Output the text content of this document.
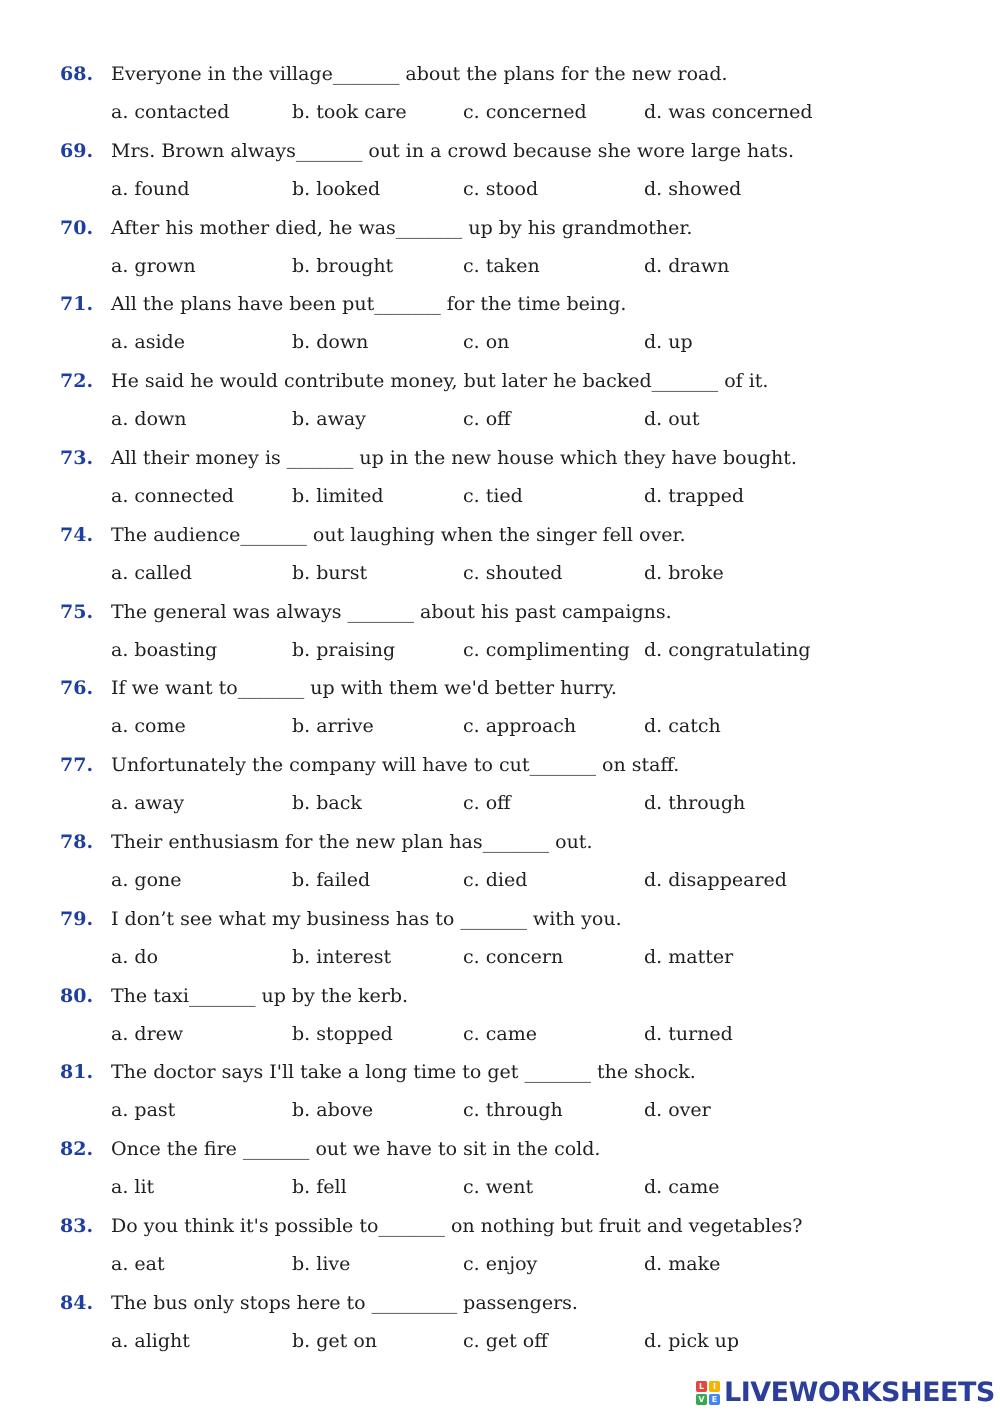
68. Everyone in the village_______ about the plans for the new road.
a. contacted	b. took care	c. concerned	d. was concerned
69. Mrs. Brown always_______ out in a crowd because she wore large hats.
a. found	b. looked	c. stood	d. showed
70. After his mother died, he was_______ up by his grandmother.
a. grown	b. brought	c. taken	d. drawn
71. All the plans have been put_______ for the time being.
a. aside	b. down	c. on	d. up
72. He said he would contribute money, but later he backed_______ of it.
a. down	b. away	c. off	d. out
73. All their money is _______ up in the new house which they have bought.
a. connected	b. limited	c. tied	d. trapped
74. The audience_______ out laughing when the singer fell over.
a. called	b. burst	c. shouted	d. broke
75. The general was always _______ about his past campaigns.
a. boasting	b. praising	c. complimenting d. congratulating
76. If we want to_______ up with them we'd better hurry.
a. come	b. arrive	c. approach	d. catch
77. Unfortunately the company will have to cut_______ on staff.
a. away	b. back	c. off	d. through
78. Their enthusiasm for the new plan has_______ out.
a. gone	b. failed	c. died	d. disappeared
79. I don’t see what my business has to _______ with you.
a. do	b. interest	c. concern	d. matter
80. The taxi_______ up by the kerb.
a. drew	b. stopped	c. came	d. turned
81. The doctor says I'll take a long time to get _______ the shock.
a. past	b. above	c. through	d. over
82. Once the fire _______ out we have to sit in the cold.
a. lit	b. fell	c. went	d. came
83. Do you think it's possible to_______ on nothing but fruit and vegetables?
a. eat	b. live	c. enjoy	d. make
84. The bus only stops here to _________ passengers.
a. alight	b. get on	c. get off	d. pick up
L	I
V E LIVEWORKSHEETS
